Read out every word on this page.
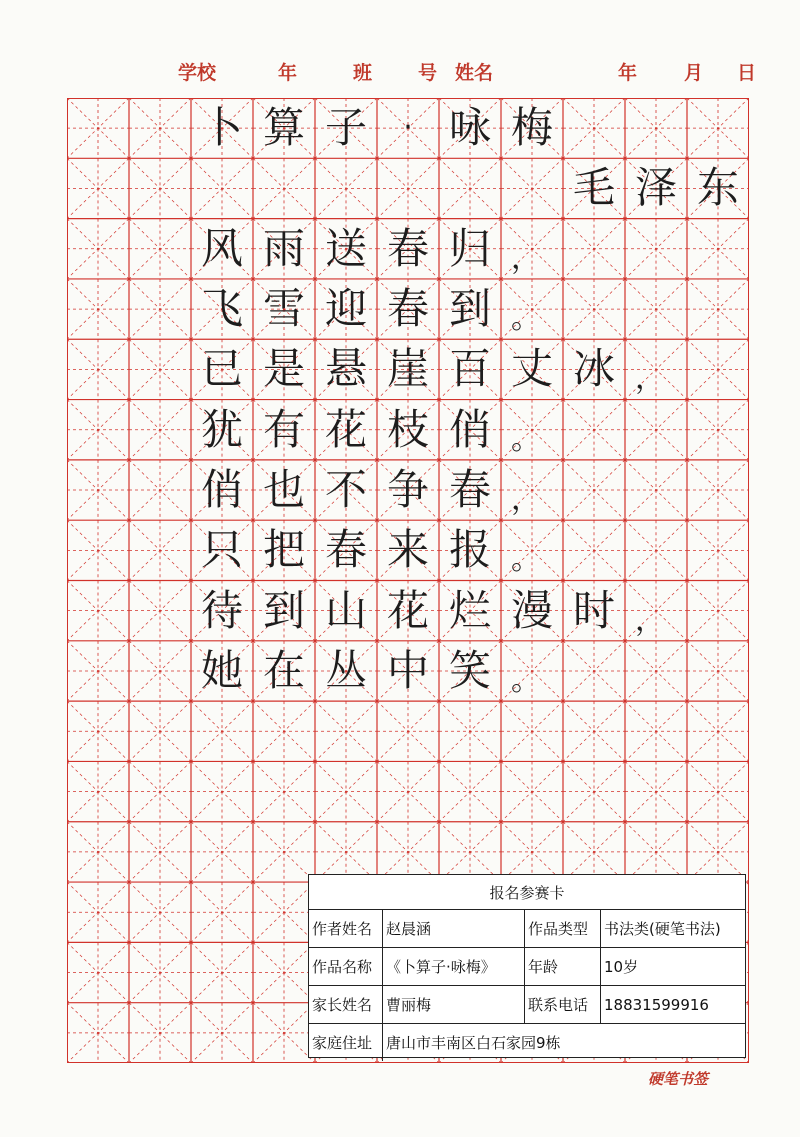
学校	年	班 号 姓名	年 月 日
卜 算 子	· 咏 梅
毛 泽 东
风 雨 送 春 归 ，
飞 雪 迎 春 到 。
已 是 悬 崖 百 丈 冰 ，
犹 有 花 枝 俏 。
俏 也 不 争 春 ，
只 把 春 来 报 。
待 到 山 花 烂 漫 时 ，
她 在 丛 中 笑 。
报名参赛卡
作者姓名 赵晨涵	作品类型	书法类(硬笔书法)
作品名称 《卜算子·咏梅》	年龄	10岁
家长姓名 曹丽梅	联系电话	18831599916
家庭住址 唐山市丰南区白石家园9栋
硬笔书签
